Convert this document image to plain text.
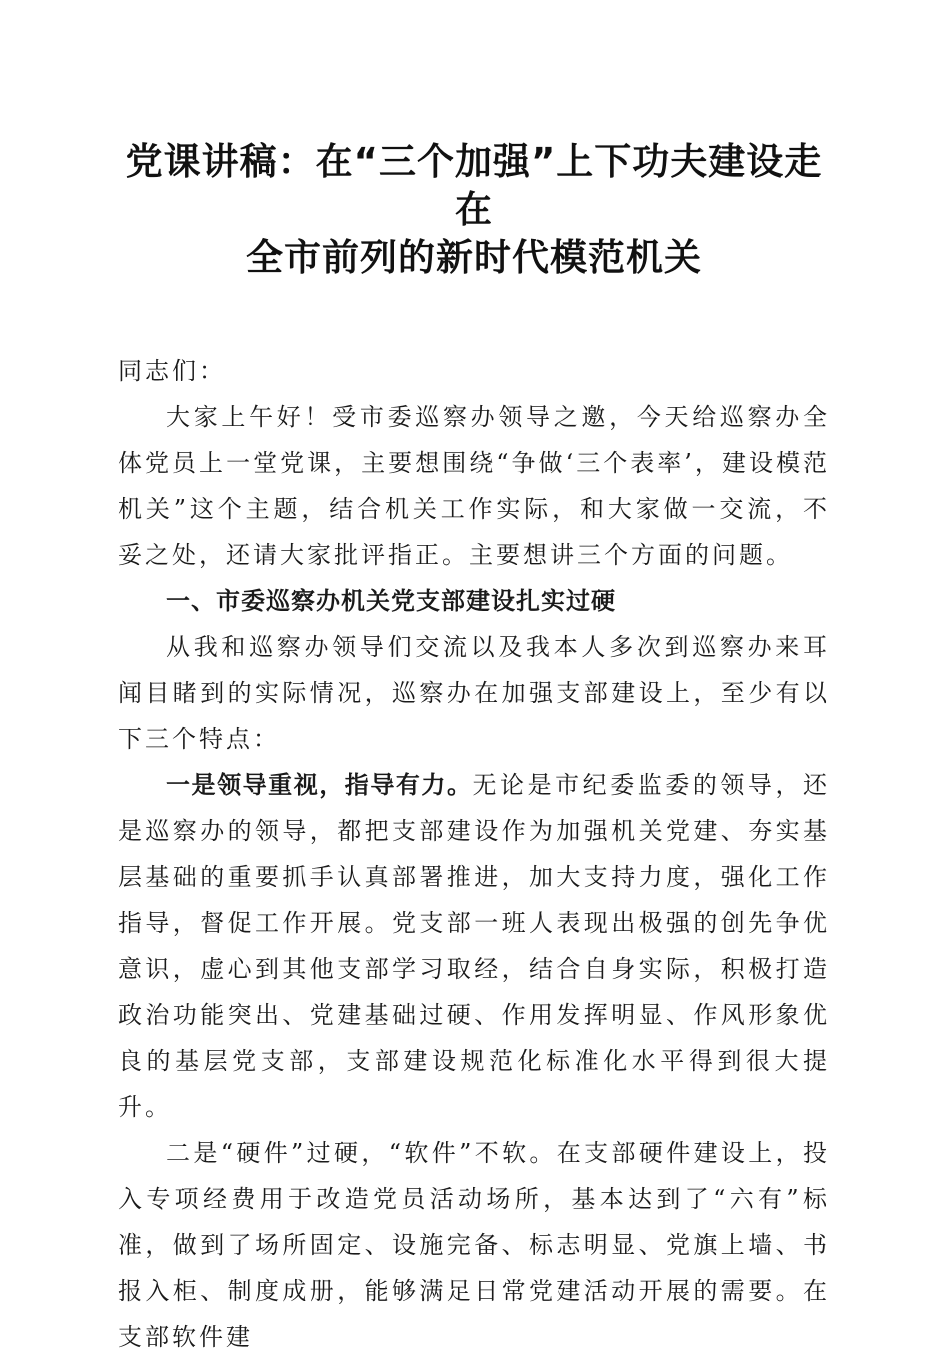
党课讲稿：在“三个加强”上下功夫建设走在
全市前列的新时代模范机关

同志们：

大家上午好！受市委巡察办领导之邀，今天给巡察办全体党员上一堂党课，主要想围绕“争做‘三个表率’，建设模范机关”这个主题，结合机关工作实际，和大家做一交流，不妥之处，还请大家批评指正。主要想讲三个方面的问题。

一、市委巡察办机关党支部建设扎实过硬

从我和巡察办领导们交流以及我本人多次到巡察办来耳闻目睹到的实际情况，巡察办在加强支部建设上，至少有以下三个特点：

一是领导重视，指导有力。无论是市纪委监委的领导，还是巡察办的领导，都把支部建设作为加强机关党建、夯实基层基础的重要抓手认真部署推进，加大支持力度，强化工作指导，督促工作开展。党支部一班人表现出极强的创先争优意识，虚心到其他支部学习取经，结合自身实际，积极打造政治功能突出、党建基础过硬、作用发挥明显、作风形象优良的基层党支部，支部建设规范化标准化水平得到很大提升。

二是“硬件”过硬，“软件”不软。在支部硬件建设上，投入专项经费用于改造党员活动场所，基本达到了“六有”标准，做到了场所固定、设施完备、标志明显、党旗上墙、书报入柜、制度成册，能够满足日常党建活动开展的需要。在支部软件建
